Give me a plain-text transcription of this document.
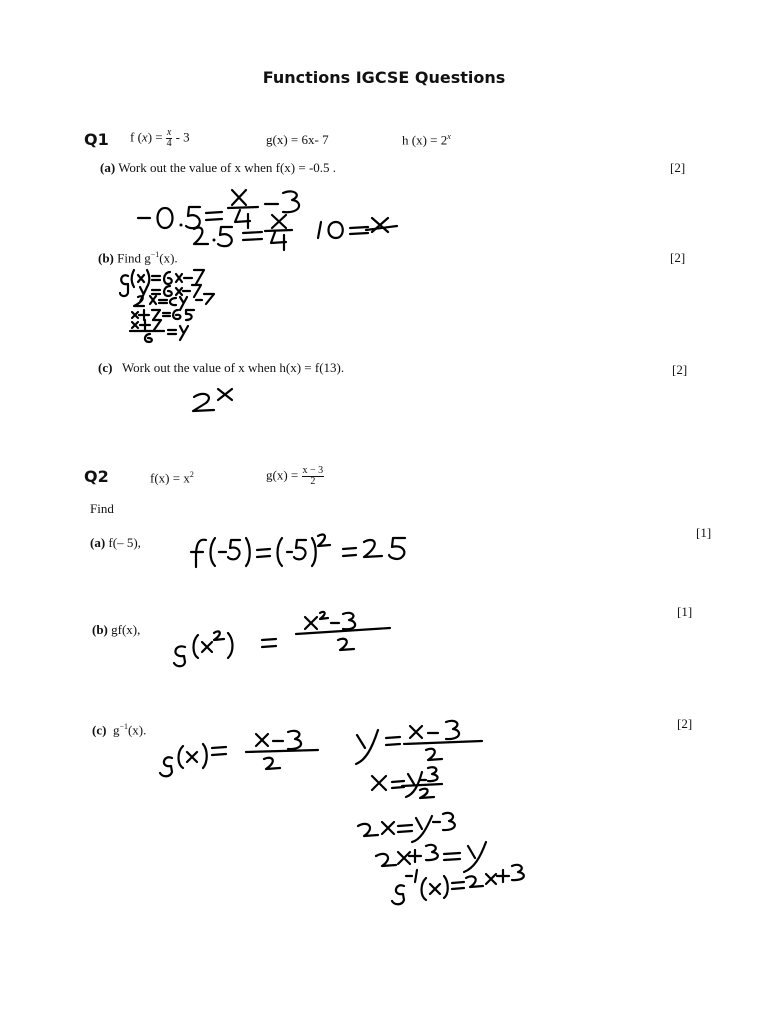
Functions IGCSE Questions
Q1 f $(x) = \frac{x}{4} - 3$	g(x) = 6x- 7	h $(x) = 2^x$
(a) Work out the value of x when f(x) = -0.5 .	[2]
(b) Find $g^{-1}(x)$.	[2]
(c) Work out the value of x when h(x) = f(13).	[2]
Q2	$f(x) = x^2$	$g(x) = \frac{x - 3}{2}$
Find
(a) f(– 5),
[1]
(b) gf(x),
[1]
(c) $g^{-1}(x)$.	[2]
